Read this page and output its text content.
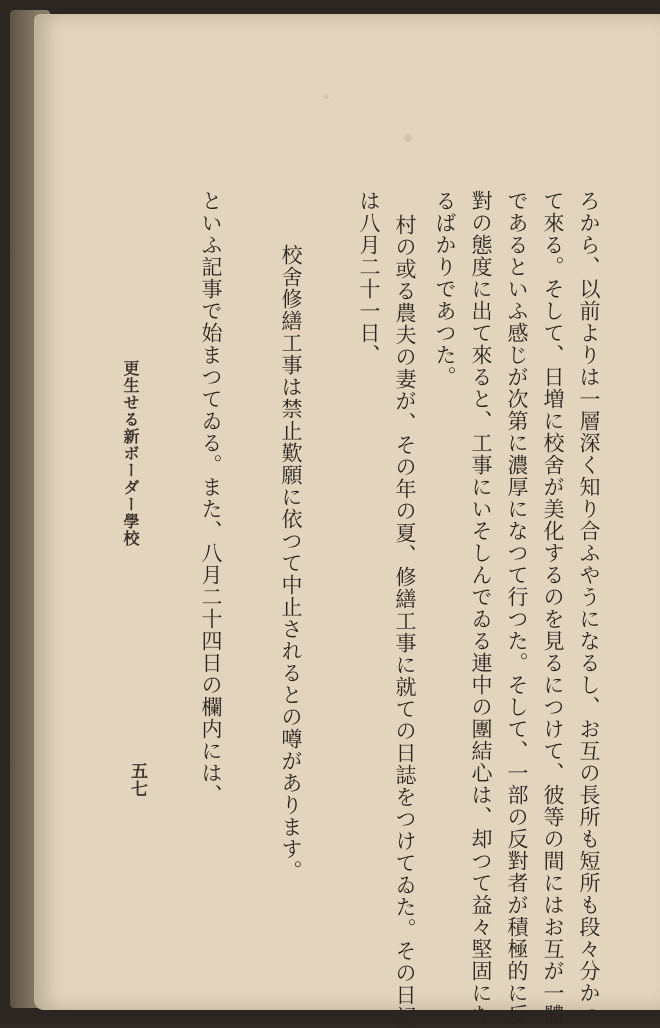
ろから、以前よりは一層深く知り合ふやうになるし、お互の長所も短所も段々分かつ
て來る。そして、日増に校舍が美化するのを見るにつけて、彼等の間にはお互が一體
であるといふ感じが次第に濃厚になつて行つた。そして、一部の反對者が積極的に反
對の態度に出て來ると、工事にいそしんでゐる連中の團結心は、却つて益々堅固にな
るばかりであつた。
村の或る農夫の妻が、その年の夏、修繕工事に就ての日誌をつけてゐた。その日記
は八月二十一日、
校舍修繕工事は禁止歎願に依つて中止されるとの噂があります。
といふ記事で始まつてゐる。また、八月二十四日の欄内には、
更生せる新ボーダー學校
五七
